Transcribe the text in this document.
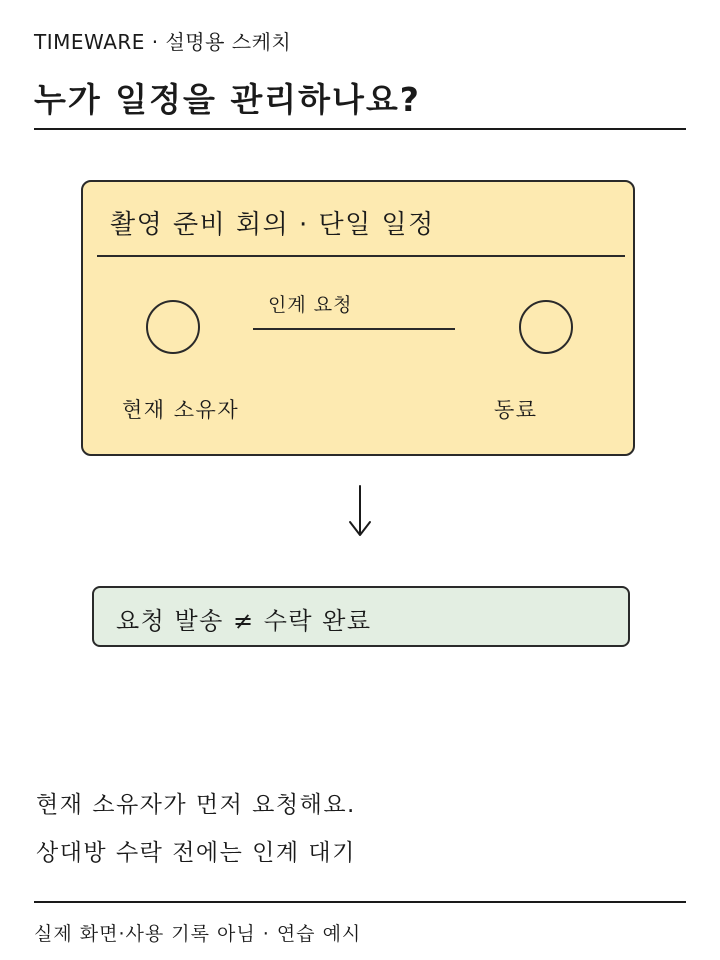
TIMEWARE · 설명용 스케치
누가 일정을 관리하나요?
촬영 준비 회의 · 단일 일정
인계 요청
현재 소유자	동료
요청 발송 ≠ 수락 완료
현재 소유자가 먼저 요청해요.
상대방 수락 전에는 인계 대기
실제 화면·사용 기록 아님 · 연습 예시
